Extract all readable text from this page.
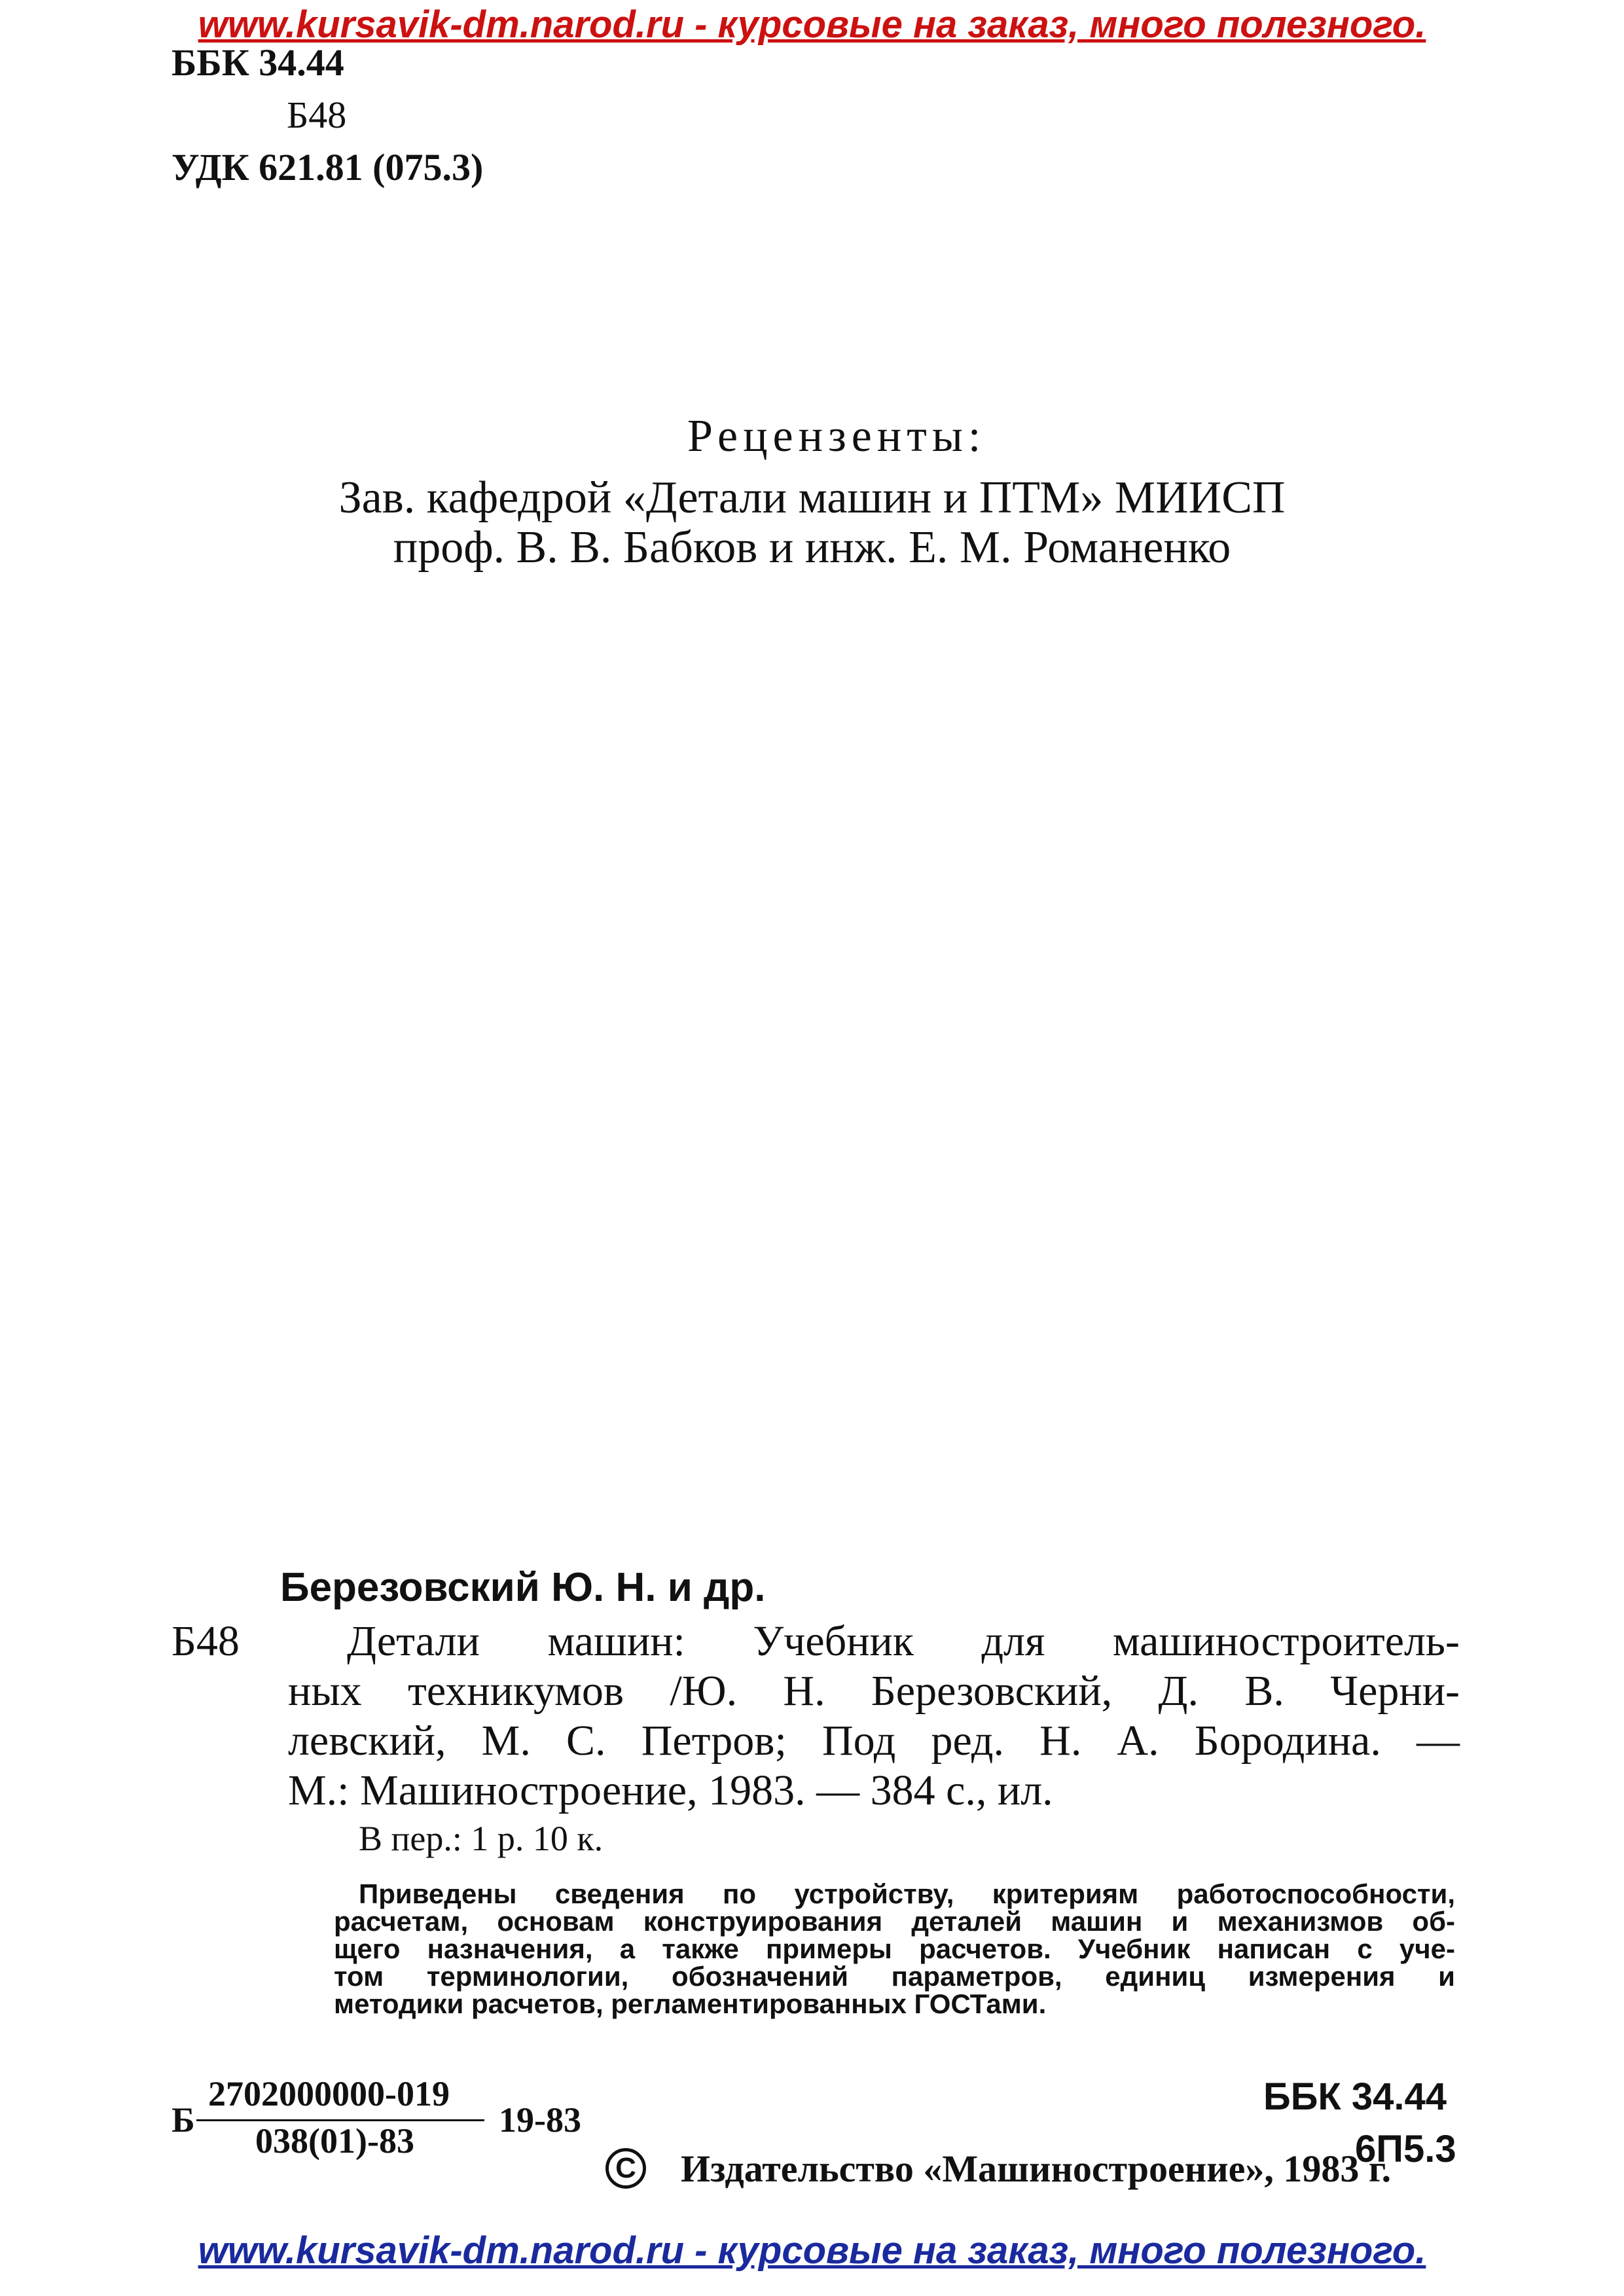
www.kursavik-dm.narod.ru - курсовые на заказ, много полезного.
ББК 34.44
Б48
УДК 621.81 (075.3)
Рецензенты:
Зав. кафедрой «Детали машин и ПТМ» МИИСП
проф. В. В. Бабков и инж. Е. М. Романенко
Березовский Ю. Н. и др.
Б48 Детали машин: Учебник для машиностроитель-
ных техникумов /Ю. Н. Березовский, Д. В. Черни-
левский, М. С. Петров; Под ред. Н. А. Бородина. —
М.: Машиностроение, 1983. — 384 с., ил.
В пер.: 1 р. 10 к.
Приведены сведения по устройству, критериям работоспособности,
расчетам, основам конструирования деталей машин и механизмов об-
щего назначения, а также примеры расчетов. Учебник написан с уче-
том терминологии, обозначений параметров, единиц измерения и
методики расчетов, регламентированных ГОСТами.
Б
2702000000-019
038(01)-83
19-83
ББК 34.44
6П5.3
C Издательство «Машиностроение», 1983 г.
www.kursavik-dm.narod.ru - курсовые на заказ, много полезного.
